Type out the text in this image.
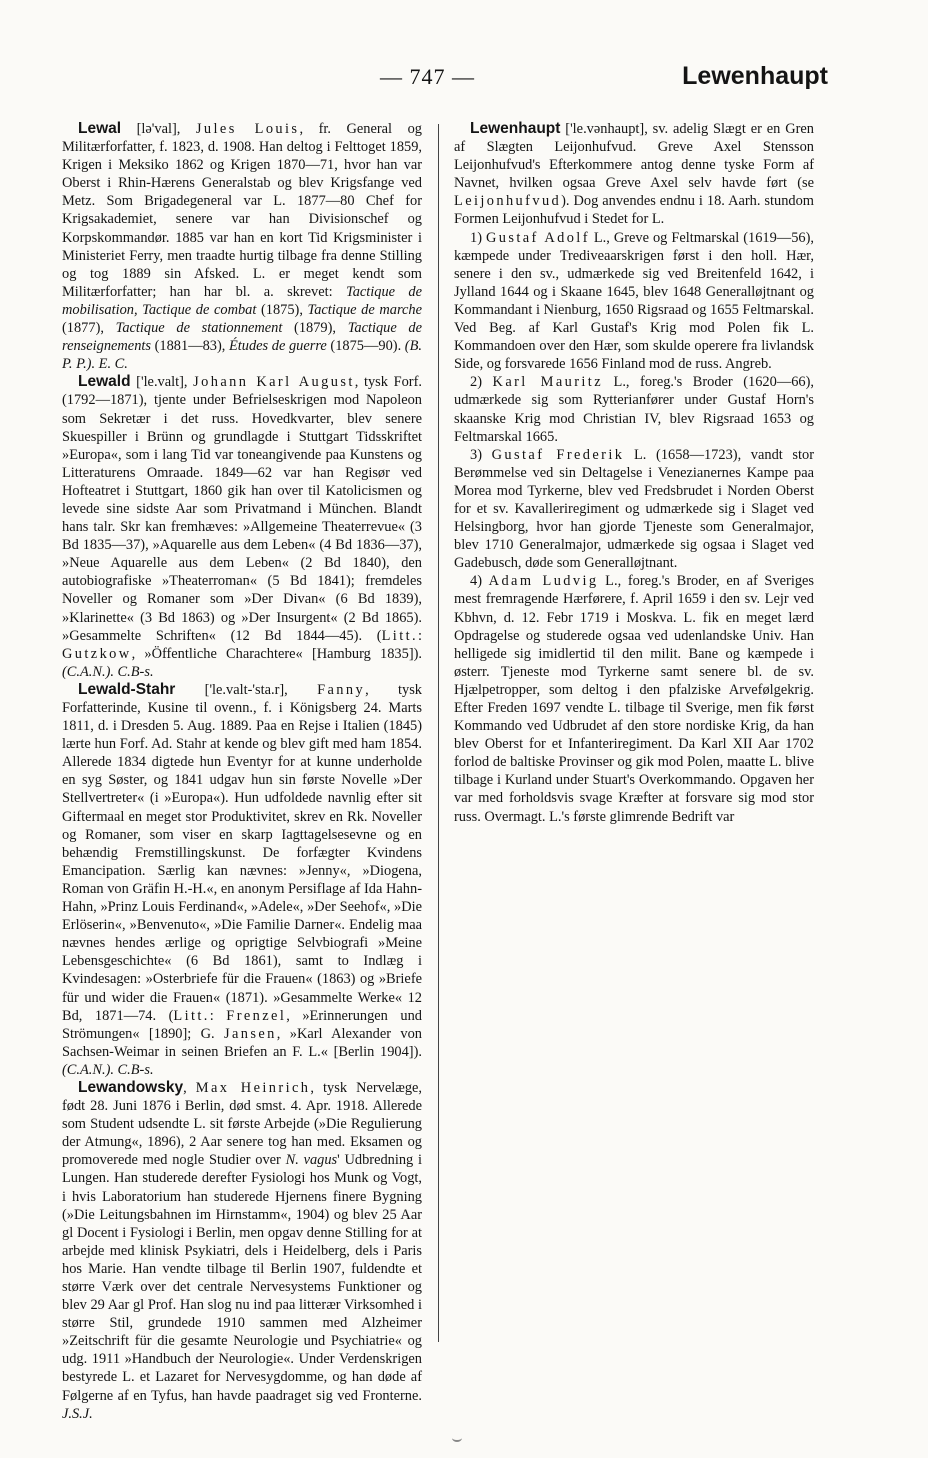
— 747 —	Lewenhaupt

Lewal [lə'val], Jules Louis, fr. General og Militærforfatter, f. 1823, d. 1908. Han deltog i Felttoget 1859, Krigen i Meksiko 1862 og Krigen 1870—71, hvor han var Oberst i Rhin-Hærens Generalstab og blev Krigsfange ved Metz. Som Brigadegeneral var L. 1877—80 Chef for Krigsakademiet, senere var han Divisionschef og Korpskommandør. 1885 var han en kort Tid Krigsminister i Ministeriet Ferry, men traadte hurtig tilbage fra denne Stilling og tog 1889 sin Afsked. L. er meget kendt som Militærforfatter; han har bl. a. skrevet: Tactique de mobilisation, Tactique de combat (1875), Tactique de marche (1877), Tactique de stationnement (1879), Tactique de renseignements (1881—83), Études de guerre (1875—90). (B. P. P.). E. C.

Lewald ['le.valt], Johann Karl August, tysk Forf. (1792—1871), tjente under Befrielseskrigen mod Napoleon som Sekretær i det russ. Hovedkvarter, blev senere Skuespiller i Brünn og grundlagde i Stuttgart Tidsskriftet »Europa«, som i lang Tid var toneangivende paa Kunstens og Litteraturens Omraade. 1849—62 var han Regisør ved Hofteatret i Stuttgart, 1860 gik han over til Katolicismen og levede sine sidste Aar som Privatmand i München. Blandt hans talr. Skr kan fremhæves: »Allgemeine Theaterrevue« (3 Bd 1835—37), »Aquarelle aus dem Leben« (4 Bd 1836—37), »Neue Aquarelle aus dem Leben« (2 Bd 1840), den autobiografiske »Theaterroman« (5 Bd 1841); fremdeles Noveller og Romaner som »Der Divan« (6 Bd 1839), »Klarinette« (3 Bd 1863) og »Der Insurgent« (2 Bd 1865). »Gesammelte Schriften« (12 Bd 1844—45). (Litt.: Gutzkow, »Öffentliche Charachtere« [Hamburg 1835]). (C.A.N.). C.B-s.

Lewald-Stahr ['le.valt-'sta.r], Fanny, tysk Forfatterinde, Kusine til ovenn., f. i Königsberg 24. Marts 1811, d. i Dresden 5. Aug. 1889. Paa en Rejse i Italien (1845) lærte hun Forf. Ad. Stahr at kende og blev gift med ham 1854. Allerede 1834 digtede hun Eventyr for at kunne underholde en syg Søster, og 1841 udgav hun sin første Novelle »Der Stellvertreter« (i »Europa«). Hun udfoldede navnlig efter sit Giftermaal en meget stor Produktivitet, skrev en Rk. Noveller og Romaner, som viser en skarp Iagttagelsesevne og en behændig Fremstillingskunst. De forfægter Kvindens Emancipation. Særlig kan nævnes: »Jenny«, »Diogena, Roman von Gräfin H.-H.«, en anonym Persiflage af Ida Hahn-Hahn, »Prinz Louis Ferdinand«, »Adele«, »Der Seehof«, »Die Erlöserin«, »Benvenuto«, »Die Familie Darner«. Endelig maa nævnes hendes ærlige og oprigtige Selvbiografi »Meine Lebensgeschichte« (6 Bd 1861), samt to Indlæg i Kvindesagen: »Osterbriefe für die Frauen« (1863) og »Briefe für und wider die Frauen« (1871). »Gesammelte Werke« 12 Bd, 1871—74. (Litt.: Frenzel, »Erinnerungen und Strömungen« [1890]; G. Jansen, »Karl Alexander von Sachsen-Weimar in seinen Briefen an F. L.« [Berlin 1904]). (C.A.N.). C.B-s.

Lewandowsky, Max Heinrich, tysk Nervelæge, født 28. Juni 1876 i Berlin, død smst. 4. Apr. 1918. Allerede som Student udsendte L. sit første Arbejde (»Die Regulierung der Atmung«, 1896), 2 Aar senere tog han med. Eksamen og promoverede med nogle Studier over N. vagus' Udbredning i Lungen. Han studerede derefter Fysiologi hos Munk og Vogt, i hvis Laboratorium han studerede Hjernens finere Bygning (»Die Leitungsbahnen im Hirnstamm«, 1904) og blev 25 Aar gl Docent i Fysiologi i Berlin, men opgav denne Stilling for at arbejde med klinisk Psykiatri, dels i Heidelberg, dels i Paris hos Marie. Han vendte tilbage til Berlin 1907, fuldendte et større Værk over det centrale Nervesystems Funktioner og blev 29 Aar gl Prof. Han slog nu ind paa litterær Virksomhed i større Stil, grundede 1910 sammen med Alzheimer »Zeitschrift für die gesamte Neurologie und Psychiatrie« og udg. 1911 »Handbuch der Neurologie«. Under Verdenskrigen bestyrede L. et Lazaret for Nervesygdomme, og han døde af Følgerne af en Tyfus, han havde paadraget sig ved Fronterne. J.S.J.

Lewenhaupt ['le.vənhaupt], sv. adelig Slægt er en Gren af Slægten Leijonhufvud. Greve Axel Stensson Leijonhufvud's Efterkommere antog denne tyske Form af Navnet, hvilken ogsaa Greve Axel selv havde ført (se Leijonhufvud). Dog anvendes endnu i 18. Aarh. stundom Formen Leijonhufvud i Stedet for L.

1) Gustaf Adolf L., Greve og Feltmarskal (1619—56), kæmpede under Trediveaarskrigen først i den holl. Hær, senere i den sv., udmærkede sig ved Breitenfeld 1642, i Jylland 1644 og i Skaane 1645, blev 1648 Generalløjtnant og Kommandant i Nienburg, 1650 Rigsraad og 1655 Feltmarskal. Ved Beg. af Karl Gustaf's Krig mod Polen fik L. Kommandoen over den Hær, som skulde operere fra livlandsk Side, og forsvarede 1656 Finland mod de russ. Angreb.

2) Karl Mauritz L., foreg.'s Broder (1620—66), udmærkede sig som Rytterianfører under Gustaf Horn's skaanske Krig mod Christian IV, blev Rigsraad 1653 og Feltmarskal 1665.

3) Gustaf Frederik L. (1658—1723), vandt stor Berømmelse ved sin Deltagelse i Venezianernes Kampe paa Morea mod Tyrkerne, blev ved Fredsbrudet i Norden Oberst for et sv. Kavalleriregiment og udmærkede sig i Slaget ved Helsingborg, hvor han gjorde Tjeneste som Generalmajor, blev 1710 Generalmajor, udmærkede sig ogsaa i Slaget ved Gadebusch, døde som Generalløjtnant.

4) Adam Ludvig L., foreg.'s Broder, en af Sveriges mest fremragende Hærførere, f. April 1659 i den sv. Lejr ved Kbhvn, d. 12. Febr 1719 i Moskva. L. fik en meget lærd Opdragelse og studerede ogsaa ved udenlandske Univ. Han helligede sig imidlertid til den milit. Bane og kæmpede i østerr. Tjeneste mod Tyrkerne samt senere bl. de sv. Hjælpetropper, som deltog i den pfalziske Arvefølgekrig. Efter Freden 1697 vendte L. tilbage til Sverige, men fik først Kommando ved Udbrudet af den store nordiske Krig, da han blev Oberst for et Infanteriregiment. Da Karl XII Aar 1702 forlod de baltiske Provinser og gik mod Polen, maatte L. blive tilbage i Kurland under Stuart's Overkommando. Opgaven her var med forholdsvis svage Kræfter at forsvare sig mod stor russ. Overmagt. L.'s første glimrende Bedrift var
